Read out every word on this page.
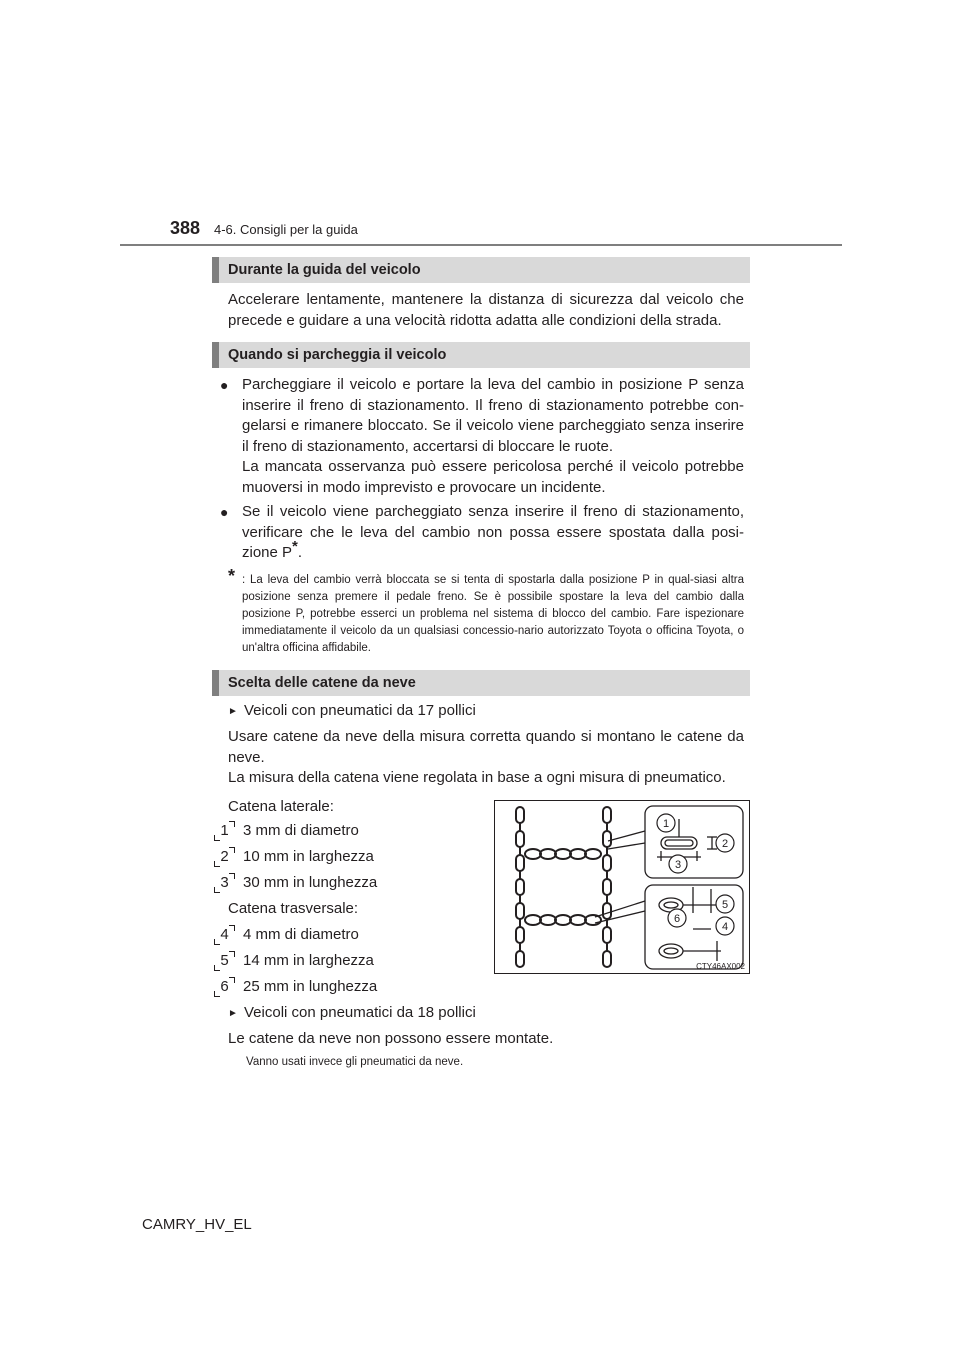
388 4-6. Consigli per la guida
Durante la guida del veicolo
Accelerare lentamente, mantenere la distanza di sicurezza dal veicolo che precede e guidare a una velocità ridotta adatta alle condizioni della strada.
Quando si parcheggia il veicolo
● Parcheggiare il veicolo e portare la leva del cambio in posizione P senza inserire il freno di stazionamento. Il freno di stazionamento potrebbe con-gelarsi e rimanere bloccato. Se il veicolo viene parcheggiato senza inserire il freno di stazionamento, accertarsi di bloccare le ruote.
La mancata osservanza può essere pericolosa perché il veicolo potrebbe muoversi in modo imprevisto e provocare un incidente.
● Se il veicolo viene parcheggiato senza inserire il freno di stazionamento, verificare che le leva del cambio non possa essere spostata dalla posi-zione P*.
* : La leva del cambio verrà bloccata se si tenta di spostarla dalla posizione P in qual-siasi altra posizione senza premere il pedale freno. Se è possibile spostare la leva del cambio dalla posizione P, potrebbe esserci un problema nel sistema di blocco del cambio. Fare ispezionare immediatamente il veicolo da un qualsiasi concessio-nario autorizzato Toyota o officina Toyota, o un'altra officina affidabile.
Scelta delle catene da neve
► Veicoli con pneumatici da 17 pollici
Usare catene da neve della misura corretta quando si montano le catene da neve.
La misura della catena viene regolata in base a ogni misura di pneumatico.
Catena laterale:
1 3 mm di diametro
2 10 mm in larghezza
3 30 mm in lunghezza
Catena trasversale:
4 4 mm di diametro
5 14 mm in larghezza
6 25 mm in lunghezza
► Veicoli con pneumatici da 18 pollici
Le catene da neve non possono essere montate.
Vanno usati invece gli pneumatici da neve.
1
2
3
5
6
4
CTY46AX002
CAMRY_HV_EL
